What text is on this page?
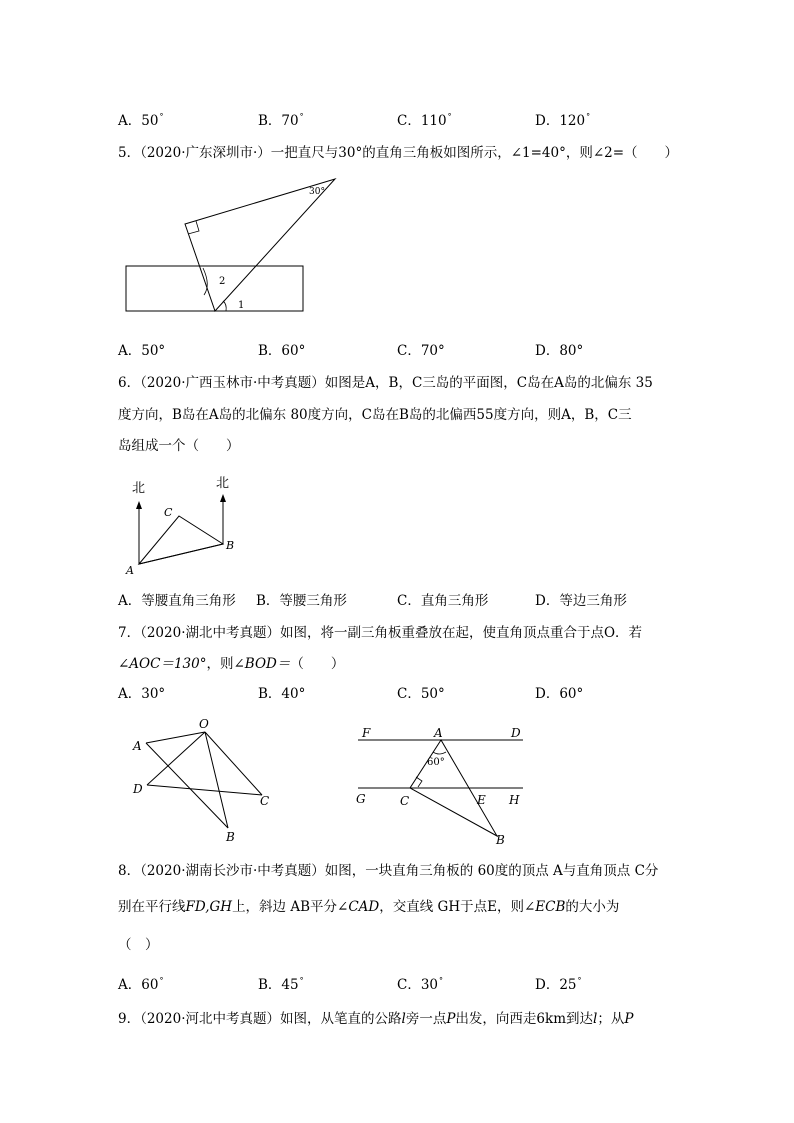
A．50°	B．70°	C．110°	D．120°
5．（2020·广东深圳市·）一把直尺与30°的直角三角板如图所示，∠1=40°，则∠2=（　　）
30°
2
1
A．50°	B．60°	C．70°	D．80°
6．（2020·广西玉林市·中考真题）如图是A，B，C三岛的平面图，C岛在A岛的北偏东 35
度方向，B岛在A岛的北偏东 80度方向，C岛在B岛的北偏西55度方向，则A，B，C三
岛组成一个（　　）
北	北
A
B
C
A．等腰直角三角形 B．等腰三角形	C．直角三角形	D．等边三角形
7．（2020·湖北中考真题）如图，将一副三角板重叠放在起，使直角顶点重合于点O．若
∠AOC＝130°，则∠BOD＝（　　）
A．30°	B．40°	C．50°	D．60°
O
A
D
C
B
F	A	D
60°
G	C	E H
B
8．（2020·湖南长沙市·中考真题）如图，一块直角三角板的 60度的顶点 A与直角顶点 C分
别在平行线FD,GH上，斜边 AB平分∠CAD，交直线 GH于点E，则∠ECB的大小为
（　）
A．60°	B．45°	C．30°	D．25°
9．（2020·河北中考真题）如图，从笔直的公路l旁一点P出发，向西走6km到达l；从P
